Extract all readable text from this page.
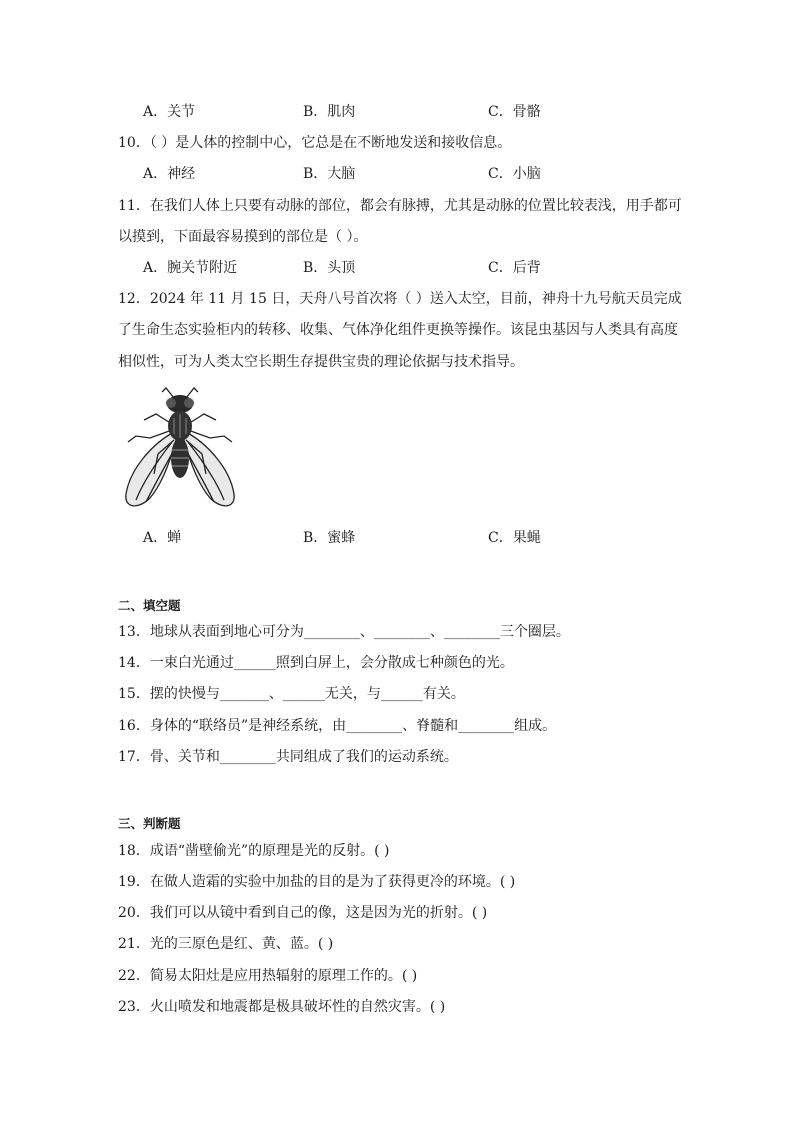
A．关节	B．肌肉	C．骨骼
10．（ ）是人体的控制中心，它总是在不断地发送和接收信息。
A．神经	B．大脑	C．小脑
11．在我们人体上只要有动脉的部位，都会有脉搏，尤其是动脉的位置比较表浅，用手都可
以摸到，下面最容易摸到的部位是（ ）。
A．腕关节附近	B．头顶	C．后背
12．2024 年 11 月 15 日，天舟八号首次将（ ）送入太空，目前，神舟十九号航天员完成
了生命生态实验柜内的转移、收集、气体净化组件更换等操作。该昆虫基因与人类具有高度
相似性，可为人类太空长期生存提供宝贵的理论依据与技术指导。
A．蝉	B．蜜蜂	C．果蝇
二、填空题
13．地球从表面到地心可分为________、________、________三个圈层。
14．一束白光通过______照到白屏上，会分散成七种颜色的光。
15．摆的快慢与_______、______无关，与______有关。
16．身体的“联络员”是神经系统，由________、脊髓和________组成。
17．骨、关节和________共同组成了我们的运动系统。
三、判断题
18．成语“凿壁偷光”的原理是光的反射。( )
19．在做人造霜的实验中加盐的目的是为了获得更冷的环境。( )
20．我们可以从镜中看到自己的像，这是因为光的折射。( )
21．光的三原色是红、黄、蓝。( )
22．简易太阳灶是应用热辐射的原理工作的。( )
23．火山喷发和地震都是极具破坏性的自然灾害。( )
